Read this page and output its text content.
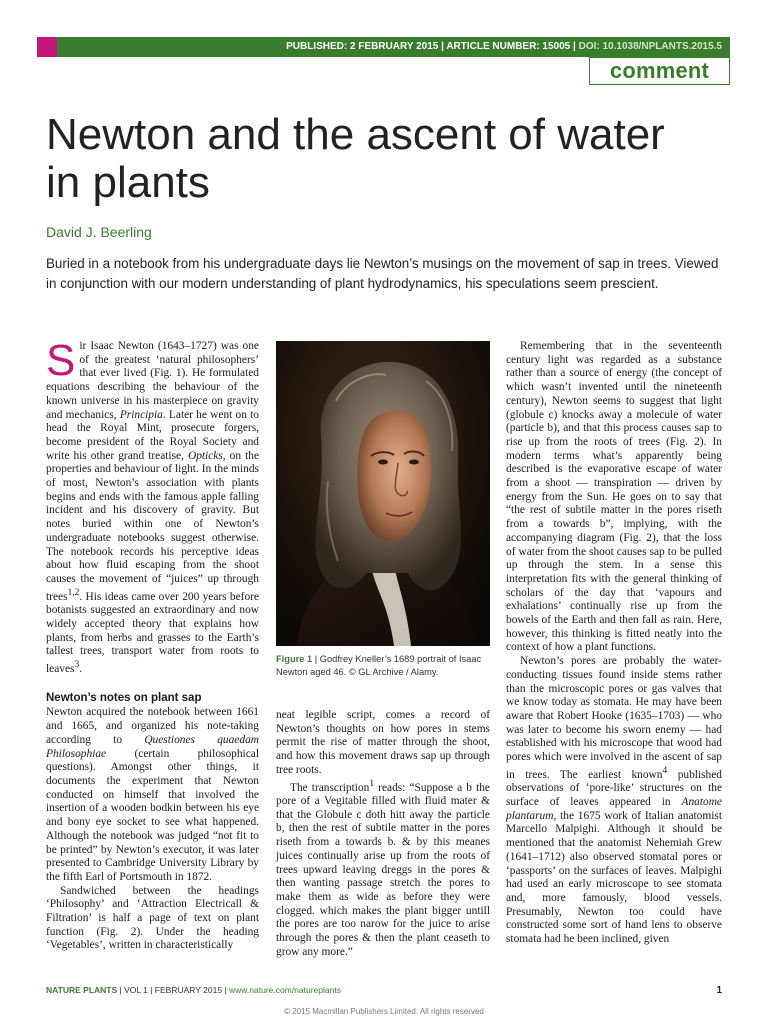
PUBLISHED: 2 FEBRUARY 2015 | ARTICLE NUMBER: 15005 | DOI: 10.1038/NPLANTS.2015.5
comment
Newton and the ascent of water in plants
David J. Beerling

Buried in a notebook from his undergraduate days lie Newton’s musings on the movement of sap in trees. Viewed in conjunction with our modern understanding of plant hydrodynamics, his speculations seem prescient.

Sir Isaac Newton (1643–1727) was one of the greatest ‘natural philosophers’ that ever lived (Fig. 1). He formulated equations describing the behaviour of the known universe in his masterpiece on gravity and mechanics, Principia. Later he went on to head the Royal Mint, prosecute forgers, become president of the Royal Society and write his other grand treatise, Opticks, on the properties and behaviour of light. In the minds of most, Newton’s association with plants begins and ends with the famous apple falling incident and his discovery of gravity. But notes buried within one of Newton’s undergraduate notebooks suggest otherwise. The notebook records his perceptive ideas about how fluid escaping from the shoot causes the movement of “juices” up through trees$^{1,2}$. His ideas came over 200 years before botanists suggested an extraordinary and now widely accepted theory that explains how plants, from herbs and grasses to the Earth’s tallest trees, transport water from roots to leaves$^3$.

Newton’s notes on plant sap

Newton acquired the notebook between 1661 and 1665, and organized his note-taking according to Questiones quaedam Philosophiae (certain philosophical questions). Amongst other things, it documents the experiment that Newton conducted on himself that involved the insertion of a wooden bodkin between his eye and bony eye socket to see what happened. Although the notebook was judged “not fit to be printed” by Newton’s executor, it was later presented to Cambridge University Library by the fifth Earl of Portsmouth in 1872.

Sandwiched between the headings ‘Philosophy’ and ‘Attraction Electricall & Filtration’ is half a page of text on plant function (Fig. 2). Under the heading ‘Vegetables’, written in characteristically

Figure 1 | Godfrey Kneller’s 1689 portrait of Isaac Newton aged 46. © GL Archive / Alamy.

neat legible script, comes a record of Newton’s thoughts on how pores in stems permit the rise of matter through the shoot, and how this movement draws sap up through tree roots.

The transcription$^1$ reads: “Suppose a b the pore of a Vegitable filled with fluid mater & that the Globule c doth hitt away the particle b, then the rest of subtile matter in the pores riseth from a towards b. & by this meanes juices continually arise up from the roots of trees upward leaving dreggs in the pores & then wanting passage stretch the pores to make them as wide as before they were clogged. which makes the plant bigger untill the pores are too narow for the juice to arise through the pores & then the plant ceaseth to grow any more.”

Remembering that in the seventeenth century light was regarded as a substance rather than a source of energy (the concept of which wasn’t invented until the nineteenth century), Newton seems to suggest that light (globule c) knocks away a molecule of water (particle b), and that this process causes sap to rise up from the roots of trees (Fig. 2). In modern terms what’s apparently being described is the evaporative escape of water from a shoot — transpiration — driven by energy from the Sun. He goes on to say that “the rest of subtile matter in the pores riseth from a towards b”, implying, with the accompanying diagram (Fig. 2), that the loss of water from the shoot causes sap to be pulled up through the stem. In a sense this interpretation fits with the general thinking of scholars of the day that ‘vapours and exhalations’ continually rise up from the bowels of the Earth and then fall as rain. Here, however, this thinking is fitted neatly into the context of how a plant functions.

Newton’s pores are probably the water-conducting tissues found inside stems rather than the microscopic pores or gas valves that we know today as stomata. He may have been aware that Robert Hooke (1635–1703) — who was later to become his sworn enemy — had established with his microscope that wood had pores which were involved in the ascent of sap in trees. The earliest known$^4$ published observations of ‘pore-like’ structures on the surface of leaves appeared in Anatome plantarum, the 1675 work of Italian anatomist Marcello Malpighi. Although it should be mentioned that the anatomist Nehemiah Grew (1641–1712) also observed stomatal pores or ‘passports’ on the surfaces of leaves. Malpighi had used an early microscope to see stomata and, more famously, blood vessels. Presumably, Newton too could have constructed some sort of hand lens to observe stomata had he been inclined, given

NATURE PLANTS | VOL 1 | FEBRUARY 2015 | www.nature.com/natureplants	1
© 2015 Macmillan Publishers Limited. All rights reserved
